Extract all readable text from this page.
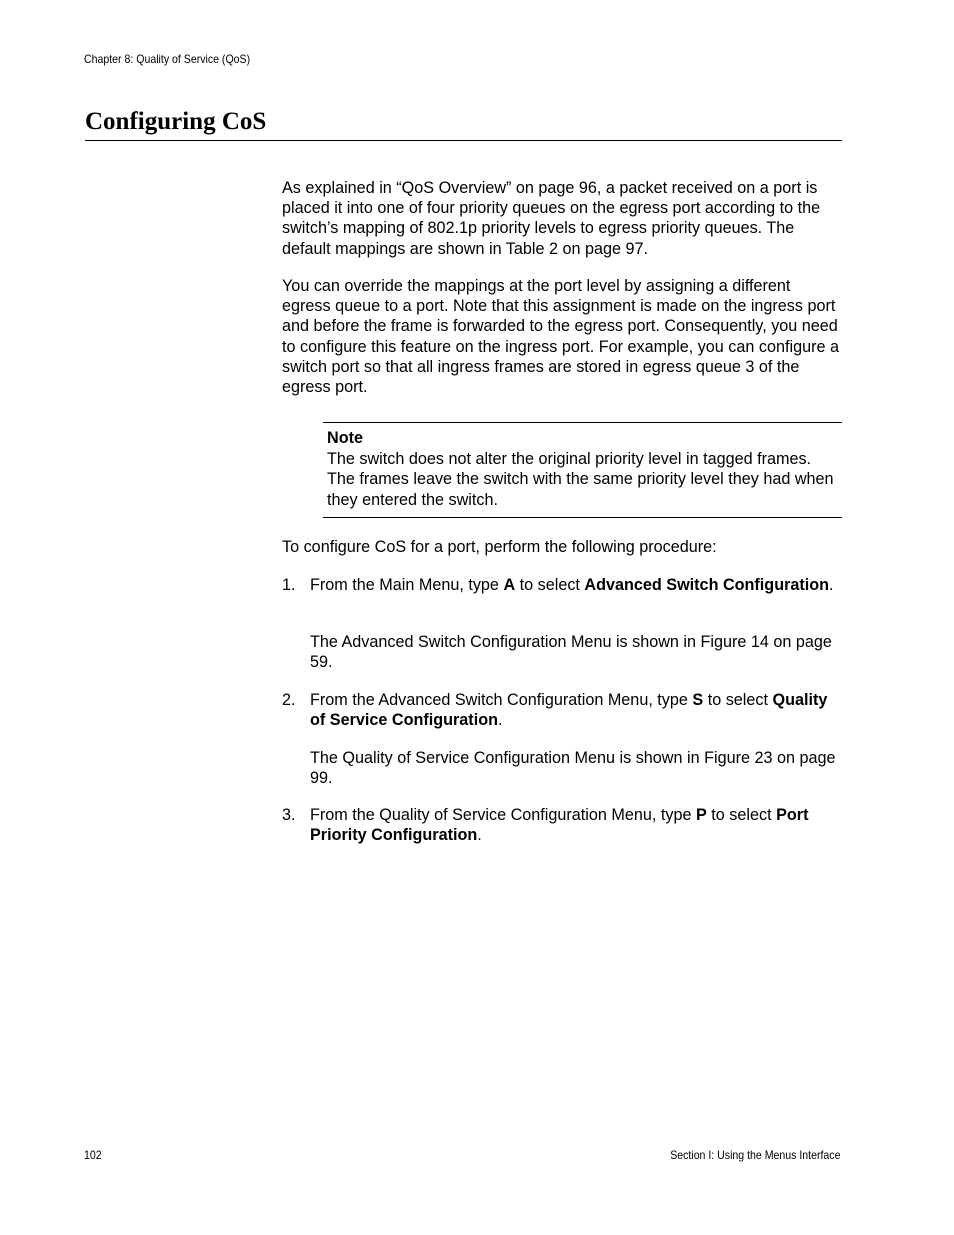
Chapter 8: Quality of Service (QoS)
Configuring CoS

As explained in “QoS Overview” on page 96, a packet received on a port is placed it into one of four priority queues on the egress port according to the switch’s mapping of 802.1p priority levels to egress priority queues. The default mappings are shown in Table 2 on page 97.

You can override the mappings at the port level by assigning a different egress queue to a port. Note that this assignment is made on the ingress port and before the frame is forwarded to the egress port. Consequently, you need to configure this feature on the ingress port. For example, you can configure a switch port so that all ingress frames are stored in egress queue 3 of the egress port.

Note
The switch does not alter the original priority level in tagged frames. The frames leave the switch with the same priority level they had when they entered the switch.

To configure CoS for a port, perform the following procedure:

1. From the Main Menu, type A to select Advanced Switch Configuration.
The Advanced Switch Configuration Menu is shown in Figure 14 on page 59.
2. From the Advanced Switch Configuration Menu, type S to select Quality of Service Configuration.
The Quality of Service Configuration Menu is shown in Figure 23 on page 99.
3. From the Quality of Service Configuration Menu, type P to select Port Priority Configuration.
102	Section I: Using the Menus Interface
